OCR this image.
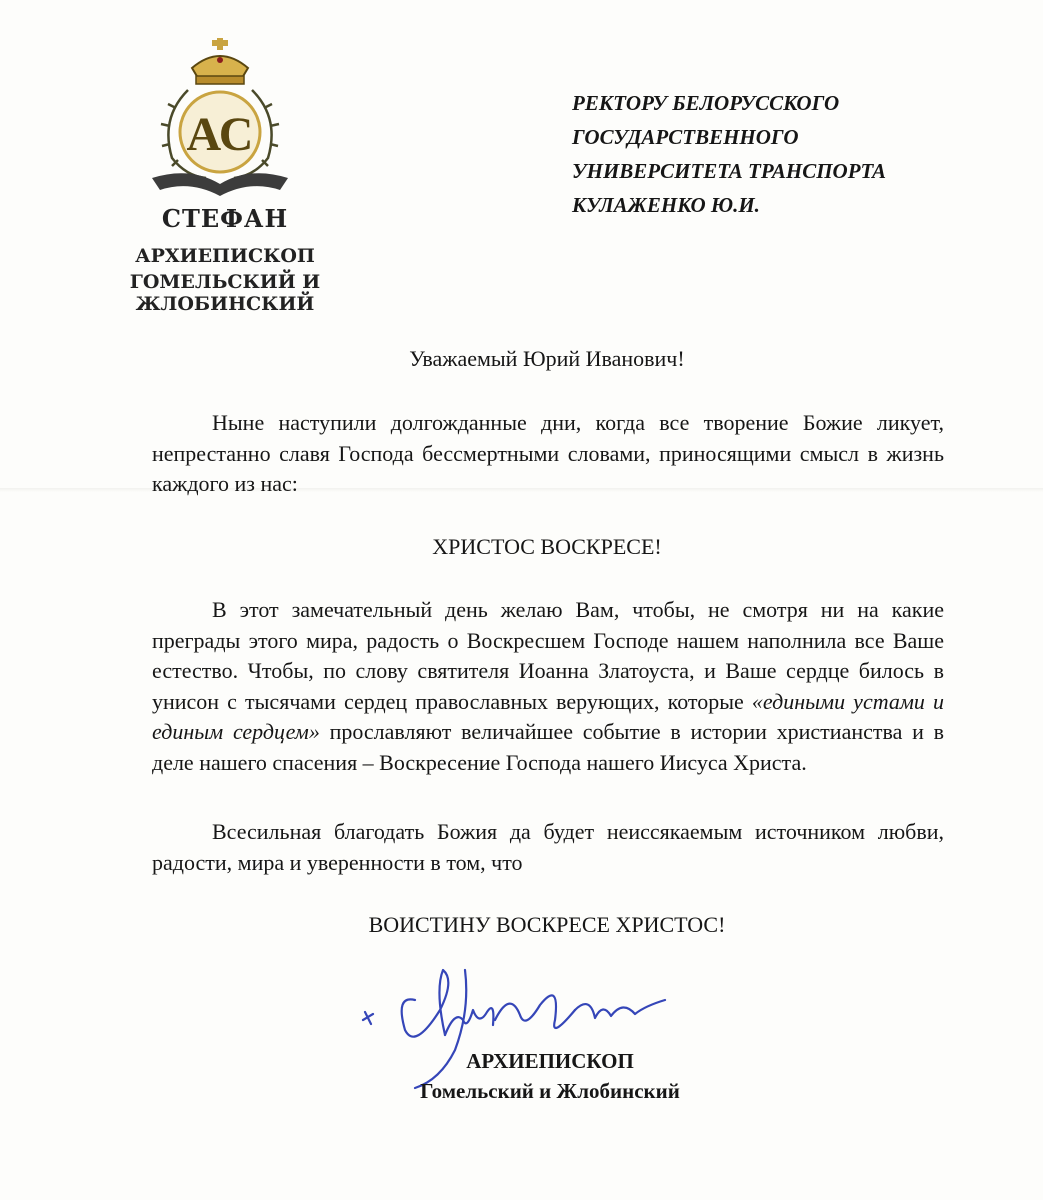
АС
СТЕФАН
АРХИЕПИСКОП
ГОМЕЛЬСКИЙ И ЖЛОБИНСКИЙ
РЕКТОРУ БЕЛОРУССКОГО
ГОСУДАРСТВЕННОГО
УНИВЕРСИТЕТА ТРАНСПОРТА
КУЛАЖЕНКО Ю.И.
Уважаемый Юрий Иванович!
Ныне наступили долгожданные дни, когда все творение Божие ликует, непрестанно славя Господа бессмертными словами, приносящими смысл в жизнь каждого из нас:
ХРИСТОС ВОСКРЕСЕ!
В этот замечательный день желаю Вам, чтобы, не смотря ни на какие преграды этого мира, радость о Воскресшем Господе нашем наполнила все Ваше естество. Чтобы, по слову святителя Иоанна Златоуста, и Ваше сердце билось в унисон с тысячами сердец православных верующих, которые «едиными устами и единым сердцем» прославляют величайшее событие в истории христианства и в деле нашего спасения – Воскресение Господа нашего Иисуса Христа.
Всесильная благодать Божия да будет неиссякаемым источником любви, радости, мира и уверенности в том, что
ВОИСТИНУ ВОСКРЕСЕ ХРИСТОС!
АРХИЕПИСКОП
Гомельский и Жлобинский
